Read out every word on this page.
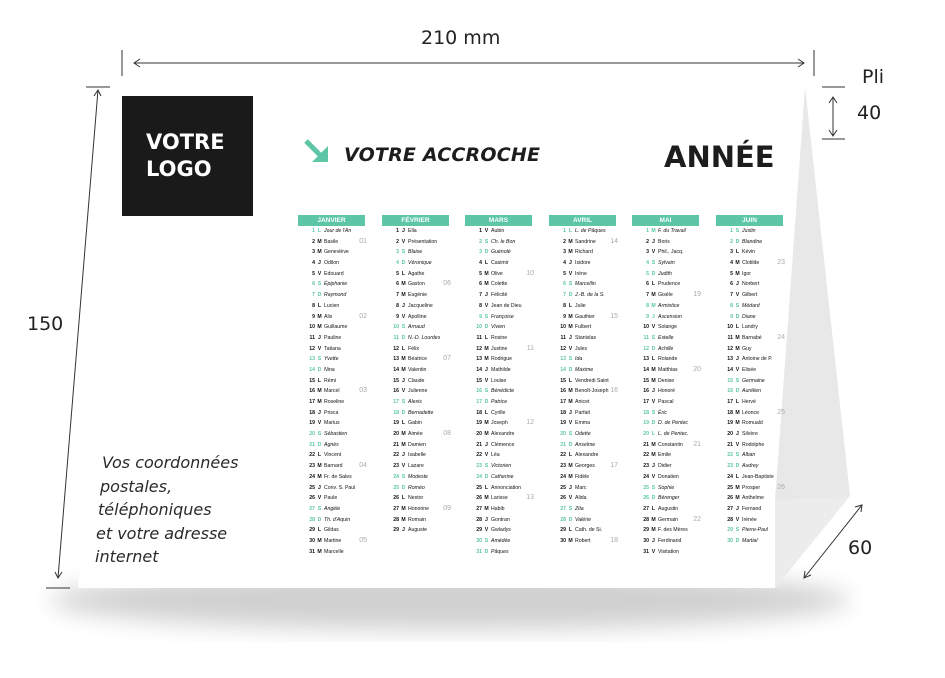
210 mm
150
Pli
40
60
VOTRE
LOGO
VOTRE ACCROCHE	ANNÉE
Vos coordonnées
postales,
téléphoniques
et votre adresse
internet
JANVIER
1 L Jour de l'An
2 M Basile	01
3 M Geneviève
4 J Odilon
5 V Edouard
6 S Épiphanie
7 D Raymond
8 L Lucien
9 M Alix	02
10 M Guillaume
11 J Pauline
12 V Tatiana
13 S Yvette
14 D Nina
15 L Rémi
16 M Marcel	03
17 M Roseline
18 J Prisca
19 V Marius
20 S Sébastien
21 D Agnès
22 L Vincent
23 M Barnard 04
24 M Fr. de Sales
25 J Conv. S. Paul
26 V Paule
27 S Angèle
28 D Th. d'Aquin
29 L Gildas
30 M Martine	05
31 M Marcelle
FÉVRIER
1 J Ella
2 V Présentation
3 S Blaise
4 D Véronique
5 L Agathe
6 M Gaston	06
7 M Eugénie
8 J Jacqueline
9 V Apolline
10 S Arnaud
11 D N.-D. Lourdes
12 L Félix
13 M Béatrice 07
14 M Valentin
15 J Claude
16 V Julienne
17 S Alexis
18 D Bernadette
19 L Gabin
20 M Aimée	08
21 M Damien
22 J Isabelle
23 V Lazare
24 S Modeste
25 D Roméo
26 L Nestor
27 M Honorine 09
28 M Romain
29 J Auguste
MARS
1 V Aubin
2 S Ch. le Bon
3 D Guénolé
4 L Casimir
5 M Olive	10
6 M Colette
7 J Félicité
8 V Jean de Dieu
9 S Françoise
10 D Vivien
11 L Rosine
12 M Justine	11
13 M Rodrigue
14 J Mathilde
15 V Louise
16 S Bénédicte
17 D Patrice
18 L Cyrille
19 M Joseph	12
20 M Alexandre
21 J Clémence
22 V Léa
23 S Victorien
24 D Catherine
25 L Annonciation
26 M Larisse	13
27 M Habib
28 J Gontran
29 V Gwladys
30 S Amédée
31 D Pâques
AVRIL
1 L L. de Pâques
2 M Sandrine 14
3 M Richard
4 J Isidore
5 V Irène
6 S Marcellin
7 D J.-B. de la S.
8 L Julie
9 M Gauthier 15
10 M Fulbert
11 J Stanislas
12 V Jules
13 S Ida
14 D Maxime
15 L Vendredi Saint
16 M Benoît-Joseph 16
17 M Anicet
18 J Parfait
19 V Emma
20 S Odette
21 D Anselme
22 L Alexandre
23 M Georges 17
24 M Fidèle
25 J Marc
26 V Alida
27 S Zita
28 D Valérie
29 L Cath. de Si.
30 M Robert	18
MAI
1 M F. du Travail
2 J Boris
3 V Phil., Jacq.
4 S Sylvain
5 D Judith
6 L Prudence
7 M Gisèle	19
8 M Armistice
9 J Ascension
10 V Solange
11 S Estelle
12 D Achille
13 L Rolande
14 M Matthias 20
15 M Denise
16 J Honoré
17 V Pascal
18 S Éric
19 D D. de Pentec
20 L L. de Pentec.
21 M Constantin 21
22 M Emile
23 J Didier
24 V Donatien
25 S Sophie
26 D Bérenger
27 L Augustin
28 M Germain 22
29 M F. des Mères
30 J Ferdinand
31 V Visitation
JUIN
1 S Justin
2 D Blandine
3 L Kévin
4 M Clotilde	23
5 M Igor
6 J Norbert
7 V Gilbert
8 S Médard
9 D Diane
10 L Landry
11 M Barnabé 24
12 M Guy
13 J Antoine de P.
14 V Elisée
15 S Germaine
16 D Aurélien
17 L Hervé
18 M Léonce	25
19 M Romuald
20 J Silvère
21 V Rodolphe
22 S Alban
23 D Audrey
24 L Jean-Baptiste
25 M Prosper 26
26 M Anthelme
27 J Fernand
28 V Irénée
29 S Pierre-Paul
30 D Martial
